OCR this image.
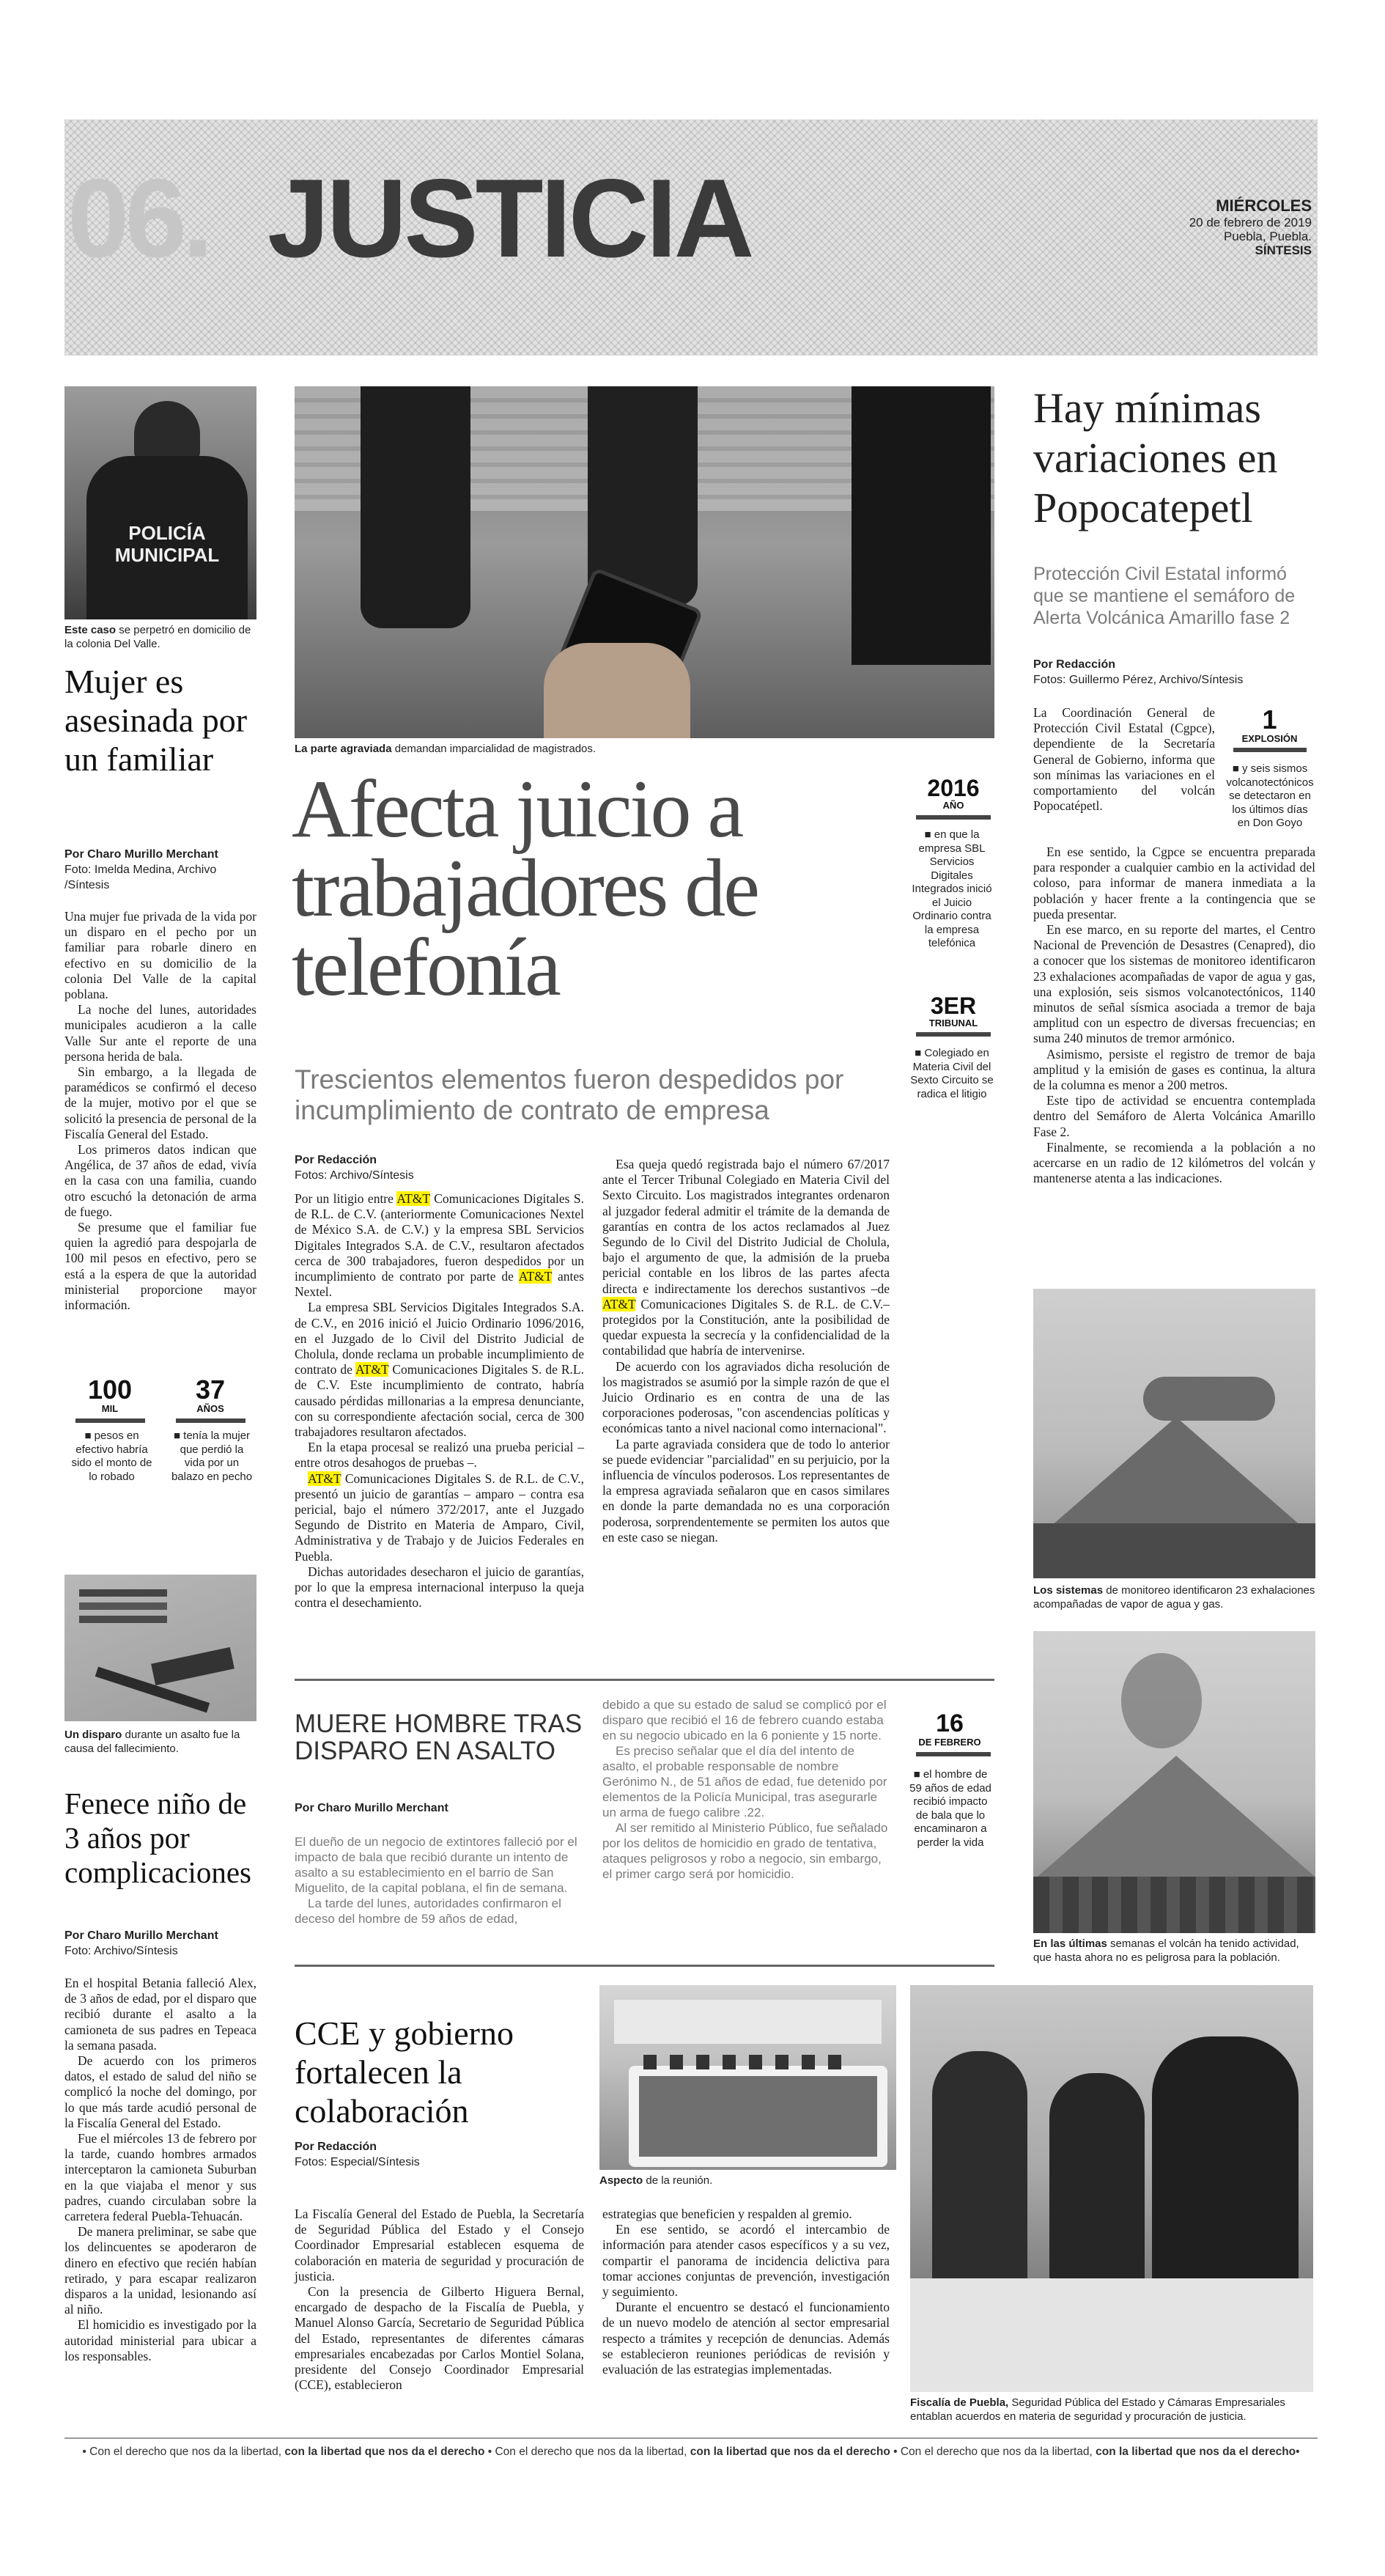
06. JUSTICIA	MIÉRCOLES
20 de febrero de 2019
Puebla, Puebla.
SÍNTESIS
POLICÍA MUNICIPAL
Este caso se perpetró en domicilio de la colonia Del Valle.
Mujer es asesinada por un familiar
Por Charo Murillo Merchant
Foto: Imelda Medina, Archivo /Síntesis

Una mujer fue privada de la vida por un disparo en el pecho por un familiar para robarle dinero en efectivo en su domicilio de la colonia Del Valle de la capital poblana.

La noche del lunes, autoridades municipales acudieron a la calle Valle Sur ante el reporte de una persona herida de bala.

Sin embargo, a la llegada de paramédicos se confirmó el deceso de la mujer, motivo por el que se solicitó la presencia de personal de la Fiscalía General del Estado.

Los primeros datos indican que Angélica, de 37 años de edad, vivía en la casa con una familia, cuando otro escuchó la detonación de arma de fuego.

Se presume que el familiar fue quien la agredió para despojarla de 100 mil pesos en efectivo, pero se está a la espera de que la autoridad ministerial proporcione mayor información.

100
MIL
■ pesos en efectivo habría sido el monto de lo robado
37
AÑOS
■ tenía la mujer que perdió la vida por un balazo en pecho
Un disparo durante un asalto fue la causa del fallecimiento.
Fenece niño de 3 años por complicaciones
Por Charo Murillo Merchant
Foto: Archivo/Síntesis

En el hospital Betania falleció Alex, de 3 años de edad, por el disparo que recibió durante el asalto a la camioneta de sus padres en Tepeaca la semana pasada.

De acuerdo con los primeros datos, el estado de salud del niño se complicó la noche del domingo, por lo que más tarde acudió personal de la Fiscalía General del Estado.

Fue el miércoles 13 de febrero por la tarde, cuando hombres armados interceptaron la camioneta Suburban en la que viajaba el menor y sus padres, cuando circulaban sobre la carretera federal Puebla-Tehuacán.

De manera preliminar, se sabe que los delincuentes se apoderaron de dinero en efectivo que recién habían retirado, y para escapar realizaron disparos a la unidad, lesionando así al niño.

El homicidio es investigado por la autoridad ministerial para ubicar a los responsables.

La parte agraviada demandan imparcialidad de magistrados.
Afecta juicio a trabajadores de telefonía
Trescientos elementos fueron despedidos por incumplimiento de contrato de empresa
Por Redacción
Fotos: Archivo/Síntesis

Por un litigio entre AT&T Comunicaciones Digitales S. de R.L. de C.V. (anteriormente Comunicaciones Nextel de México S.A. de C.V.) y la empresa SBL Servicios Digitales Integrados S.A. de C.V., resultaron afectados cerca de 300 trabajadores, fueron despedidos por un incumplimiento de contrato por parte de AT&T antes Nextel.

La empresa SBL Servicios Digitales Integrados S.A. de C.V., en 2016 inició el Juicio Ordinario 1096/2016, en el Juzgado de lo Civil del Distrito Judicial de Cholula, donde reclama un probable incumplimiento de contrato de AT&T Comunicaciones Digitales S. de R.L. de C.V. Este incumplimiento de contrato, habría causado pérdidas millonarias a la empresa denunciante, con su correspondiente afectación social, cerca de 300 trabajadores resultaron afectados.

En la etapa procesal se realizó una prueba pericial – entre otros desahogos de pruebas –.

AT&T Comunicaciones Digitales S. de R.L. de C.V., presentó un juicio de garantías – amparo – contra esa pericial, bajo el número 372/2017, ante el Juzgado Segundo de Distrito en Materia de Amparo, Civil, Administrativa y de Trabajo y de Juicios Federales en Puebla.

Dichas autoridades desecharon el juicio de garantías, por lo que la empresa internacional interpuso la queja contra el desechamiento.

Esa queja quedó registrada bajo el número 67/2017 ante el Tercer Tribunal Colegiado en Materia Civil del Sexto Circuito. Los magistrados integrantes ordenaron al juzgador federal admitir el trámite de la demanda de garantías en contra de los actos reclamados al Juez Segundo de lo Civil del Distrito Judicial de Cholula, bajo el argumento de que, la admisión de la prueba pericial contable en los libros de las partes afecta directa e indirectamente los derechos sustantivos –de AT&T Comunicaciones Digitales S. de R.L. de C.V.– protegidos por la Constitución, ante la posibilidad de quedar expuesta la secrecía y la confidencialidad de la contabilidad que habría de intervenirse.

De acuerdo con los agraviados dicha resolución de los magistrados se asumió por la simple razón de que el Juicio Ordinario es en contra de una de las corporaciones poderosas, "con ascendencias políticas y económicas tanto a nivel nacional como internacional".

La parte agraviada considera que de todo lo anterior se puede evidenciar "parcialidad" en su perjuicio, por la influencia de vínculos poderosos. Los representantes de la empresa agraviada señalaron que en casos similares en donde la parte demandada no es una corporación poderosa, sorprendentemente se permiten los autos que en este caso se niegan.

2016
AÑO
■ en que la empresa SBL Servicios Digitales Integrados inició el Juicio Ordinario contra la empresa telefónica
3ER
TRIBUNAL
■ Colegiado en Materia Civil del Sexto Circuito se radica el litigio
MUERE HOMBRE TRAS DISPARO EN ASALTO
Por Charo Murillo Merchant

El dueño de un negocio de extintores falleció por el impacto de bala que recibió durante un intento de asalto a su establecimiento en el barrio de San Miguelito, de la capital poblana, el fin de semana.

La tarde del lunes, autoridades confirmaron el deceso del hombre de 59 años de edad,

debido a que su estado de salud se complicó por el disparo que recibió el 16 de febrero cuando estaba en su negocio ubicado en la 6 poniente y 15 norte.

Es preciso señalar que el día del intento de asalto, el probable responsable de nombre Gerónimo N., de 51 años de edad, fue detenido por elementos de la Policía Municipal, tras asegurarle un arma de fuego calibre .22.

Al ser remitido al Ministerio Público, fue señalado por los delitos de homicidio en grado de tentativa, ataques peligrosos y robo a negocio, sin embargo, el primer cargo será por homicidio.

16
DE FEBRERO
■ el hombre de 59 años de edad recibió impacto de bala que lo encaminaron a perder la vida
CCE y gobierno fortalecen la colaboración
Por Redacción
Fotos: Especial/Síntesis
Aspecto de la reunión.

La Fiscalía General del Estado de Puebla, la Secretaría de Seguridad Pública del Estado y el Consejo Coordinador Empresarial establecen esquema de colaboración en materia de seguridad y procuración de justicia.

Con la presencia de Gilberto Higuera Bernal, encargado de despacho de la Fiscalía de Puebla, y Manuel Alonso García, Secretario de Seguridad Pública del Estado, representantes de diferentes cámaras empresariales encabezadas por Carlos Montiel Solana, presidente del Consejo Coordinador Empresarial (CCE), establecieron

estrategias que beneficien y respalden al gremio.

En ese sentido, se acordó el intercambio de información para atender casos específicos y a su vez, compartir el panorama de incidencia delictiva para tomar acciones conjuntas de prevención, investigación y seguimiento.

Durante el encuentro se destacó el funcionamiento de un nuevo modelo de atención al sector empresarial respecto a trámites y recepción de denuncias. Además se establecieron reuniones periódicas de revisión y evaluación de las estrategias implementadas.

Fiscalía de Puebla, Seguridad Pública del Estado y Cámaras Empresariales entablan acuerdos en materia de seguridad y procuración de justicia.
Hay mínimas variaciones en Popocatepetl
Protección Civil Estatal informó que se mantiene el semáforo de Alerta Volcánica Amarillo fase 2
Por Redacción
Fotos: Guillermo Pérez, Archivo/Síntesis
La Coordinación General de Protección Civil Estatal (Cgpce), dependiente de la Secretaría General de Gobierno, informa que son mínimas las variaciones en el comportamiento del volcán Popocatépetl.
1
EXPLOSIÓN
■ y seis sismos volcanotectónicos se detectaron en los últimos días en Don Goyo

En ese sentido, la Cgpce se encuentra preparada para responder a cualquier cambio en la actividad del coloso, para informar de manera inmediata a la población y hacer frente a la contingencia que se pueda presentar.

En ese marco, en su reporte del martes, el Centro Nacional de Prevención de Desastres (Cenapred), dio a conocer que los sistemas de monitoreo identificaron 23 exhalaciones acompañadas de vapor de agua y gas, una explosión, seis sismos volcanotectónicos, 1140 minutos de señal sísmica asociada a tremor de baja amplitud con un espectro de diversas frecuencias; en suma 240 minutos de tremor armónico.

Asimismo, persiste el registro de tremor de baja amplitud y la emisión de gases es continua, la altura de la columna es menor a 200 metros.

Este tipo de actividad se encuentra contemplada dentro del Semáforo de Alerta Volcánica Amarillo Fase 2.

Finalmente, se recomienda a la población a no acercarse en un radio de 12 kilómetros del volcán y mantenerse atenta a las indicaciones.

Los sistemas de monitoreo identificaron 23 exhalaciones acompañadas de vapor de agua y gas.
En las últimas semanas el volcán ha tenido actividad, que hasta ahora no es peligrosa para la población.
• Con el derecho que nos da la libertad, con la libertad que nos da el derecho • Con el derecho que nos da la libertad, con la libertad que nos da el derecho • Con el derecho que nos da la libertad, con la libertad que nos da el derecho•
